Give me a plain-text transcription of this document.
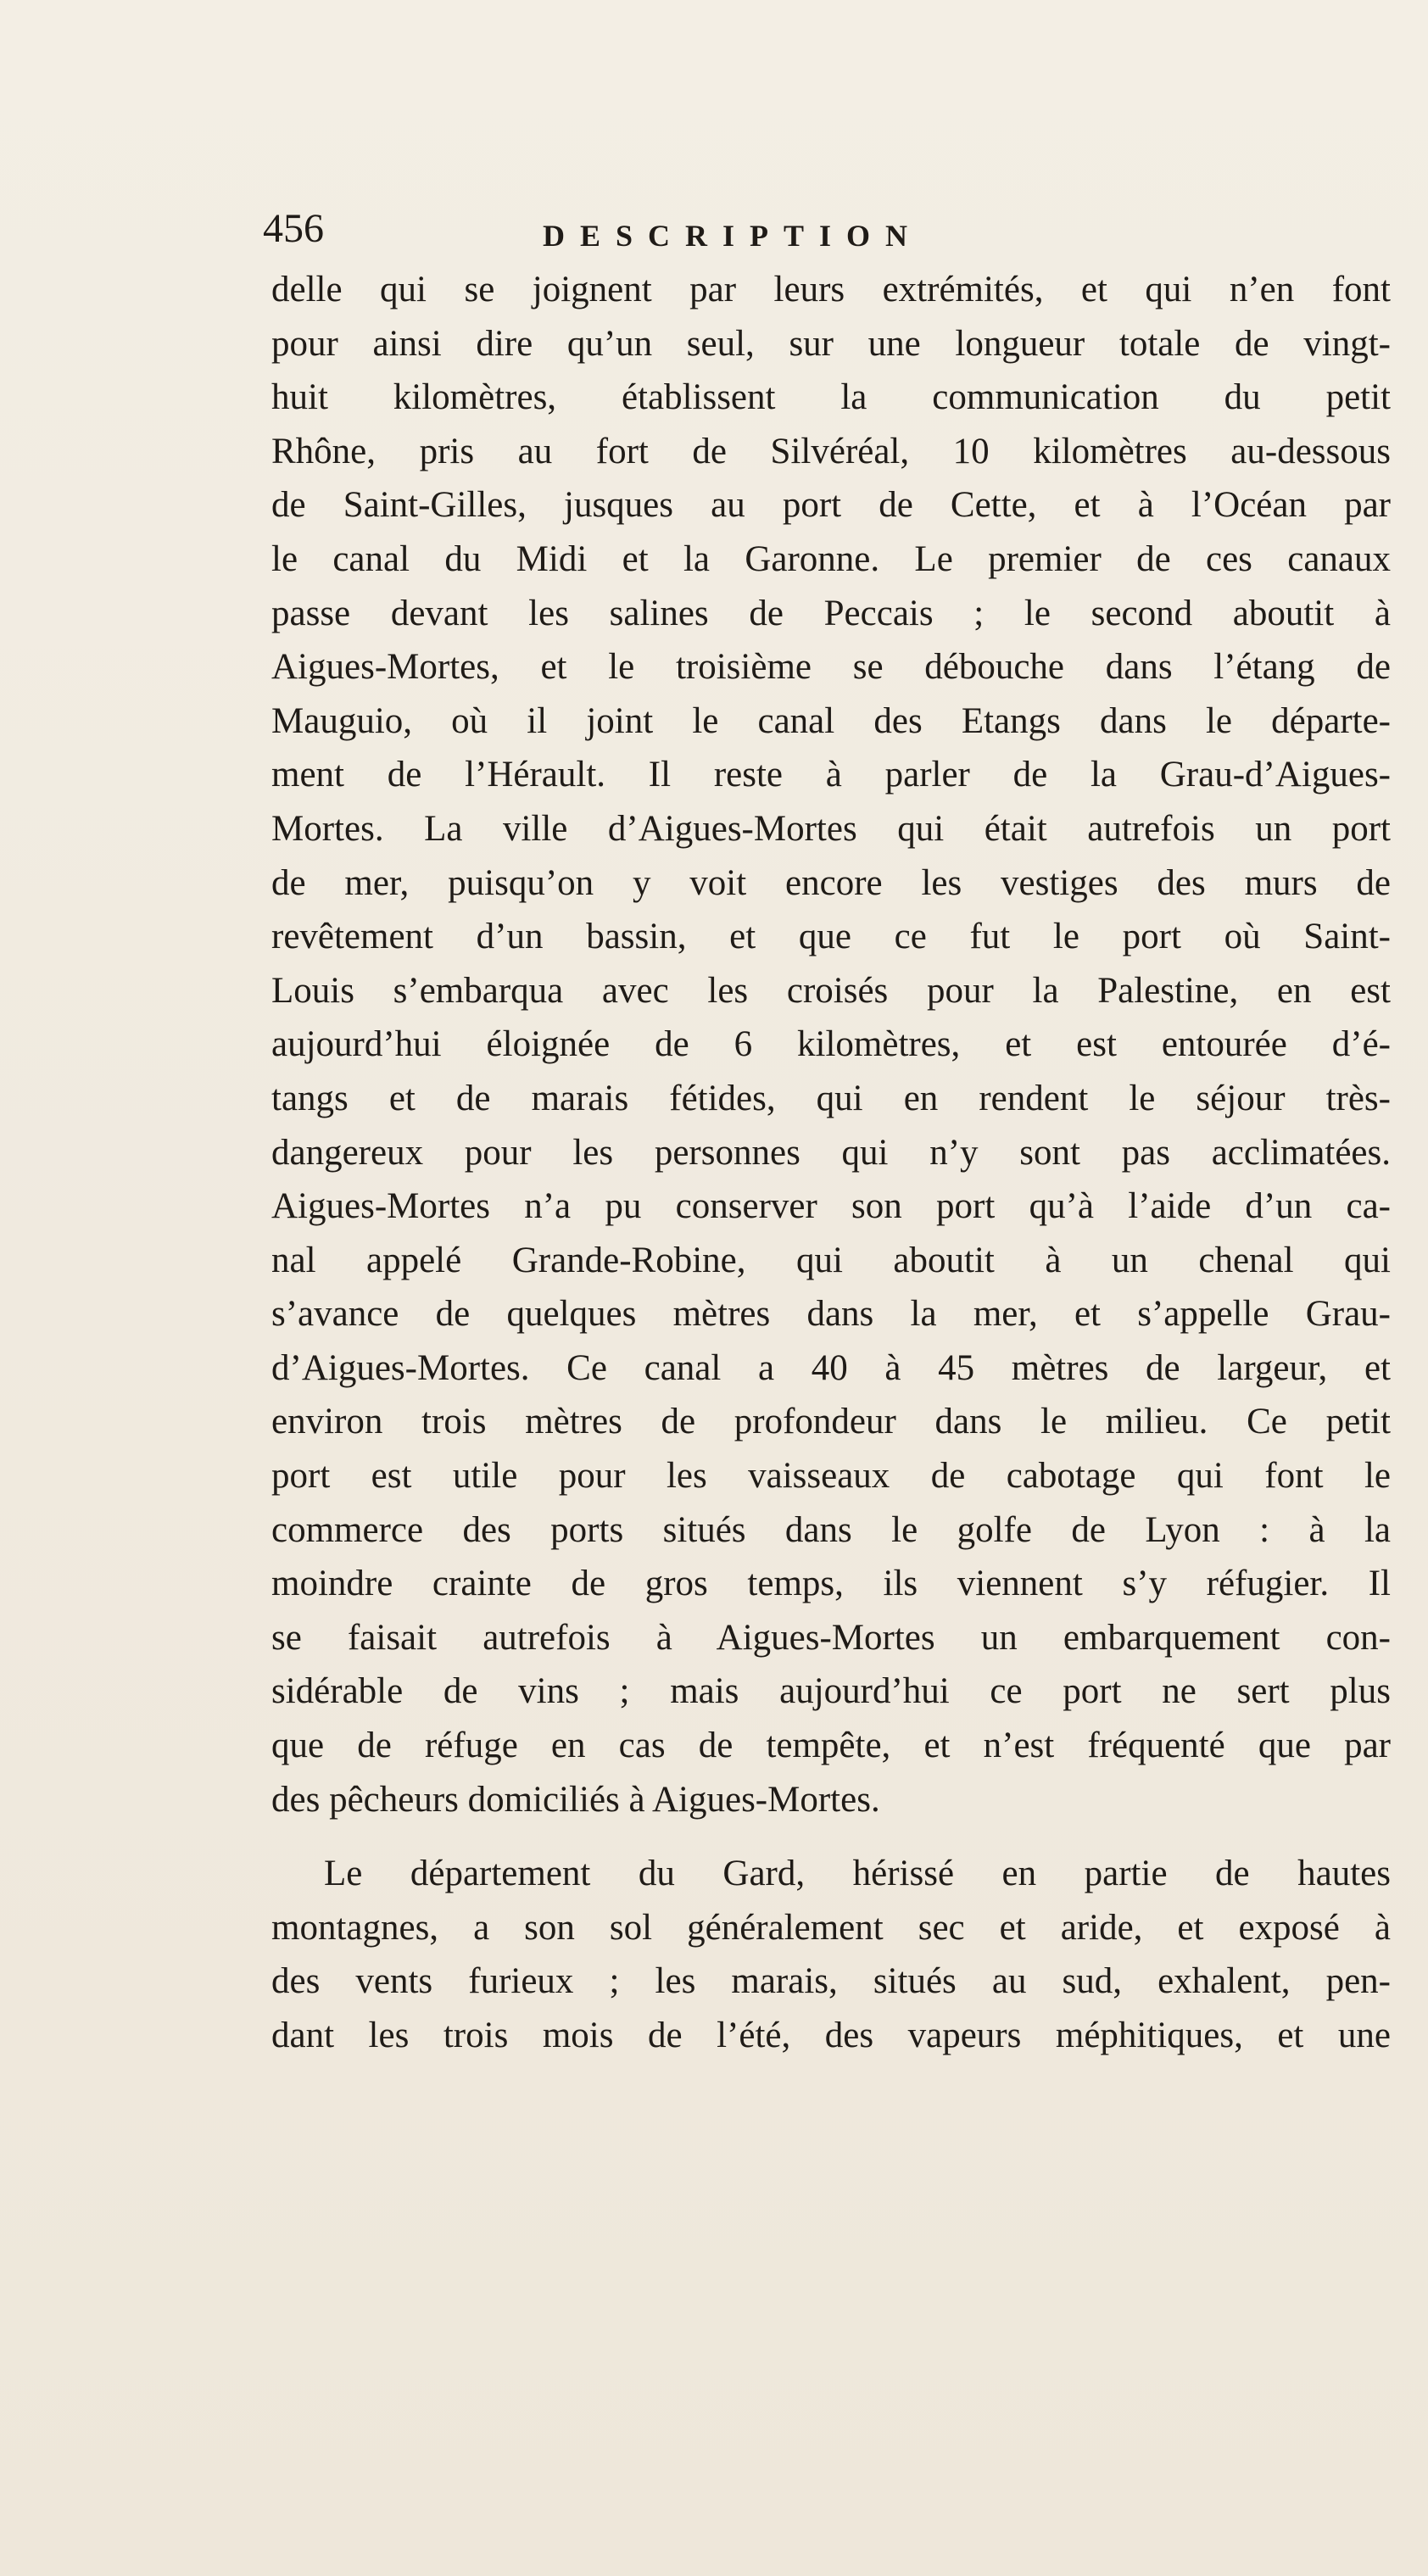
456	DESCRIPTION
delle qui se joignent par leurs extrémités, et qui n’en font
pour ainsi dire qu’un seul, sur une longueur totale de vingt-
huit kilomètres, établissent la communication du petit
Rhône, pris au fort de Silvéréal, 10 kilomètres au-dessous
de Saint-Gilles, jusques au port de Cette, et à l’Océan par
le canal du Midi et la Garonne. Le premier de ces canaux
passe devant les salines de Peccais ; le second aboutit à
Aigues-Mortes, et le troisième se débouche dans l’étang de
Mauguio, où il joint le canal des Etangs dans le départe-
ment de l’Hérault. Il reste à parler de la Grau-d’Aigues-
Mortes. La ville d’Aigues-Mortes qui était autrefois un port
de mer, puisqu’on y voit encore les vestiges des murs de
revêtement d’un bassin, et que ce fut le port où Saint-
Louis s’embarqua avec les croisés pour la Palestine, en est
aujourd’hui éloignée de 6 kilomètres, et est entourée d’é-
tangs et de marais fétides, qui en rendent le séjour très-
dangereux pour les personnes qui n’y sont pas acclimatées.
Aigues-Mortes n’a pu conserver son port qu’à l’aide d’un ca-
nal appelé Grande-Robine, qui aboutit à un chenal qui
s’avance de quelques mètres dans la mer, et s’appelle Grau-
d’Aigues-Mortes. Ce canal a 40 à 45 mètres de largeur, et
environ trois mètres de profondeur dans le milieu. Ce petit
port est utile pour les vaisseaux de cabotage qui font le
commerce des ports situés dans le golfe de Lyon : à la
moindre crainte de gros temps, ils viennent s’y réfugier. Il
se faisait autrefois à Aigues-Mortes un embarquement con-
sidérable de vins ; mais aujourd’hui ce port ne sert plus
que de réfuge en cas de tempête, et n’est fréquenté que par
des pêcheurs domiciliés à Aigues-Mortes.
Le département du Gard, hérissé en partie de hautes
montagnes, a son sol généralement sec et aride, et exposé à
des vents furieux ; les marais, situés au sud, exhalent, pen-
dant les trois mois de l’été, des vapeurs méphitiques, et une
